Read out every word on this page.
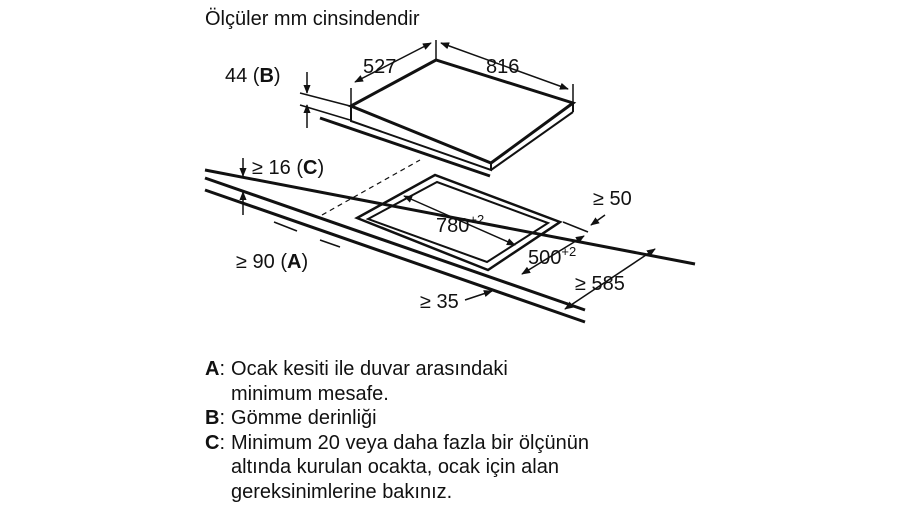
Ölçüler mm cinsindendir
527	816
44 (B)
≥ 16 (C)
$780^{+2}$
$500^{+2}$
≥ 90 (A)
≥ 50
≥ 585
≥ 35
A : Ocak kesiti ile duvar arasındaki
minimum mesafe.
B : Gömme derinliği
C : Minimum 20 veya daha fazla bir ölçünün
altında kurulan ocakta, ocak için alan
gereksinimlerine bakınız.
